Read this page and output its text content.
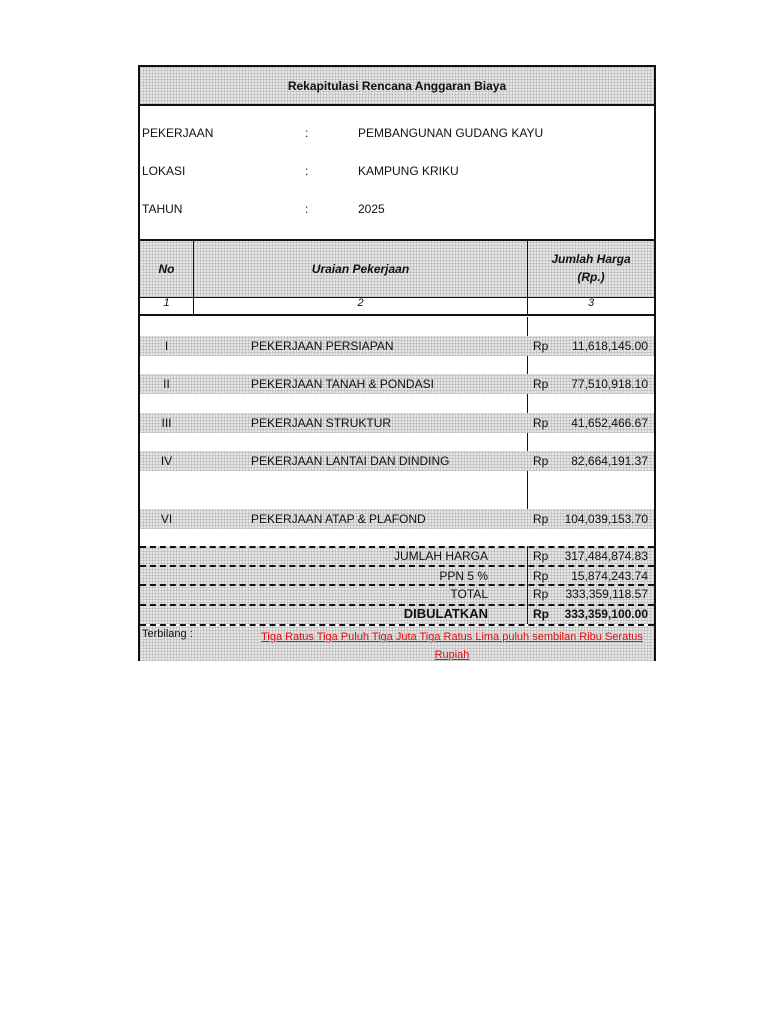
Rekapitulasi Rencana Anggaran Biaya
PEKERJAAN	:	PEMBANGUNAN GUDANG KAYU
LOKASI	:	KAMPUNG KRIKU
TAHUN	:	2025
No	Uraian Pekerjaan
Jumlah Harga
(Rp.)
1	2	3
I	PEKERJAAN PERSIAPAN	Rp 11,618,145.00
II	PEKERJAAN TANAH & PONDASI	Rp 77,510,918.10
III	PEKERJAAN STRUKTUR	Rp 41,652,466.67
IV	PEKERJAAN LANTAI DAN DINDING	Rp 82,664,191.37
VI	PEKERJAAN ATAP & PLAFOND	Rp 104,039,153.70
JUMLAH HARGA	Rp 317,484,874.83
PPN 5 %	Rp 15,874,243.74
TOTAL	Rp 333,359,118.57
DIBULATKAN	Rp 333,359,100.00
Terbilang :	Tiga Ratus Tiga Puluh Tiga Juta Tiga Ratus Lima puluh sembilan Ribu Seratus
Rupiah
